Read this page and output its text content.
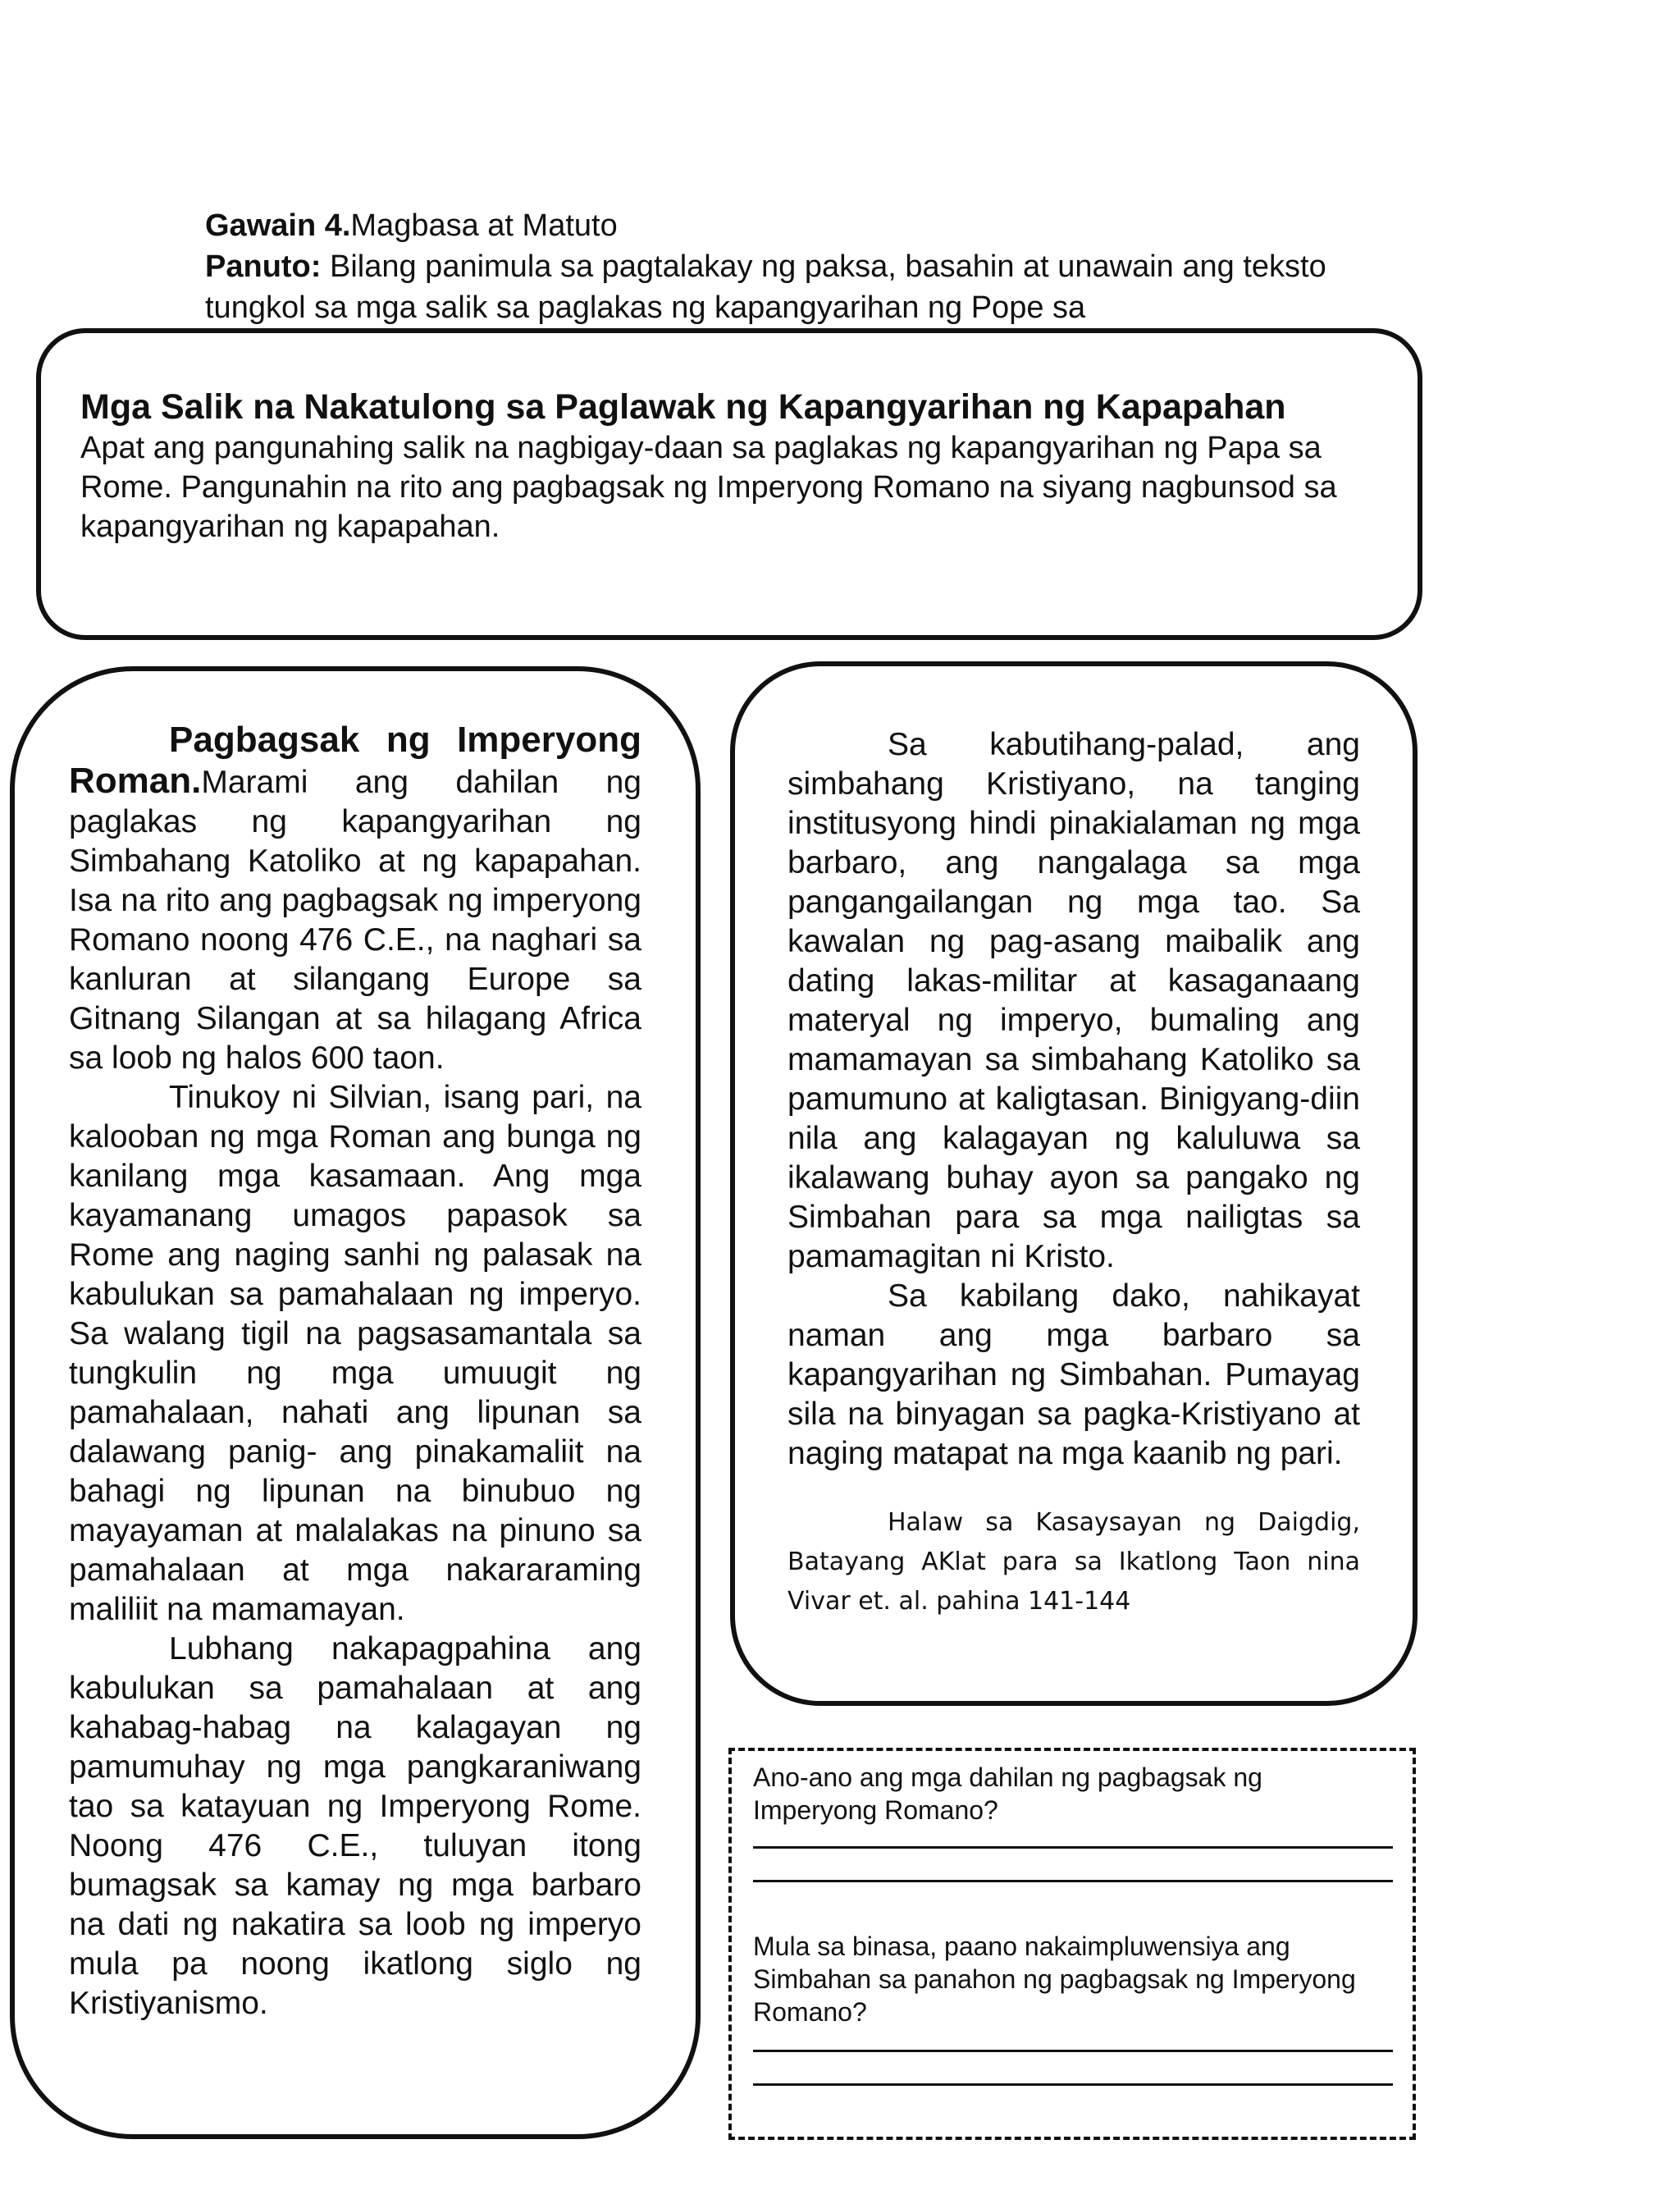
Gawain 4.Magbasa at Matuto

Panuto: Bilang panimula sa pagtalakay ng paksa, basahin at unawain ang teksto tungkol sa mga salik sa paglakas ng kapangyarihan ng Pope sa

Mga Salik na Nakatulong sa Paglawak ng Kapangyarihan ng Kapapahan
Apat ang pangunahing salik na nagbigay-daan sa paglakas ng kapangyarihan ng Papa sa Rome. Pangunahin na rito ang pagbagsak ng Imperyong Romano na siyang nagbunsod sa kapangyarihan ng kapapahan.

Pagbagsak ng Imperyong Roman.Marami ang dahilan ng paglakas ng kapangyarihan ng Simbahang Katoliko at ng kapapahan. Isa na rito ang pagbagsak ng imperyong Romano noong 476 C.E., na naghari sa kanluran at silangang Europe sa Gitnang Silangan at sa hilagang Africa sa loob ng halos 600 taon.

Tinukoy ni Silvian, isang pari, na kalooban ng mga Roman ang bunga ng kanilang mga kasamaan. Ang mga kayamanang umagos papasok sa Rome ang naging sanhi ng palasak na kabulukan sa pamahalaan ng imperyo. Sa walang tigil na pagsasamantala sa tungkulin ng mga umuugit ng pamahalaan, nahati ang lipunan sa dalawang panig- ang pinakamaliit na bahagi ng lipunan na binubuo ng mayayaman at malalakas na pinuno sa pamahalaan at mga nakararaming maliliit na mamamayan.

Lubhang nakapagpahina ang kabulukan sa pamahalaan at ang kahabag-habag na kalagayan ng pamumuhay ng mga pangkaraniwang tao sa katayuan ng Imperyong Rome. Noong 476 C.E., tuluyan itong bumagsak sa kamay ng mga barbaro na dati ng nakatira sa loob ng imperyo mula pa noong ikatlong siglo ng Kristiyanismo.

Sa kabutihang-palad, ang simbahang Kristiyano, na tanging institusyong hindi pinakialaman ng mga barbaro, ang nangalaga sa mga pangangailangan ng mga tao. Sa kawalan ng pag-asang maibalik ang dating lakas-militar at kasaganaang materyal ng imperyo, bumaling ang mamamayan sa simbahang Katoliko sa pamumuno at kaligtasan. Binigyang-diin nila ang kalagayan ng kaluluwa sa ikalawang buhay ayon sa pangako ng Simbahan para sa mga nailigtas sa pamamagitan ni Kristo.

Sa kabilang dako, nahikayat naman ang mga barbaro sa kapangyarihan ng Simbahan. Pumayag sila na binyagan sa pagka-Kristiyano at naging matapat na mga kaanib ng pari.

Halaw sa Kasaysayan ng Daigdig, Batayang AKlat para sa Ikatlong Taon nina Vivar et. al. pahina 141-144

Ano-ano ang mga dahilan ng pagbagsak ng Imperyong Romano?

Mula sa binasa, paano nakaimpluwensiya ang Simbahan sa panahon ng pagbagsak ng Imperyong Romano?
